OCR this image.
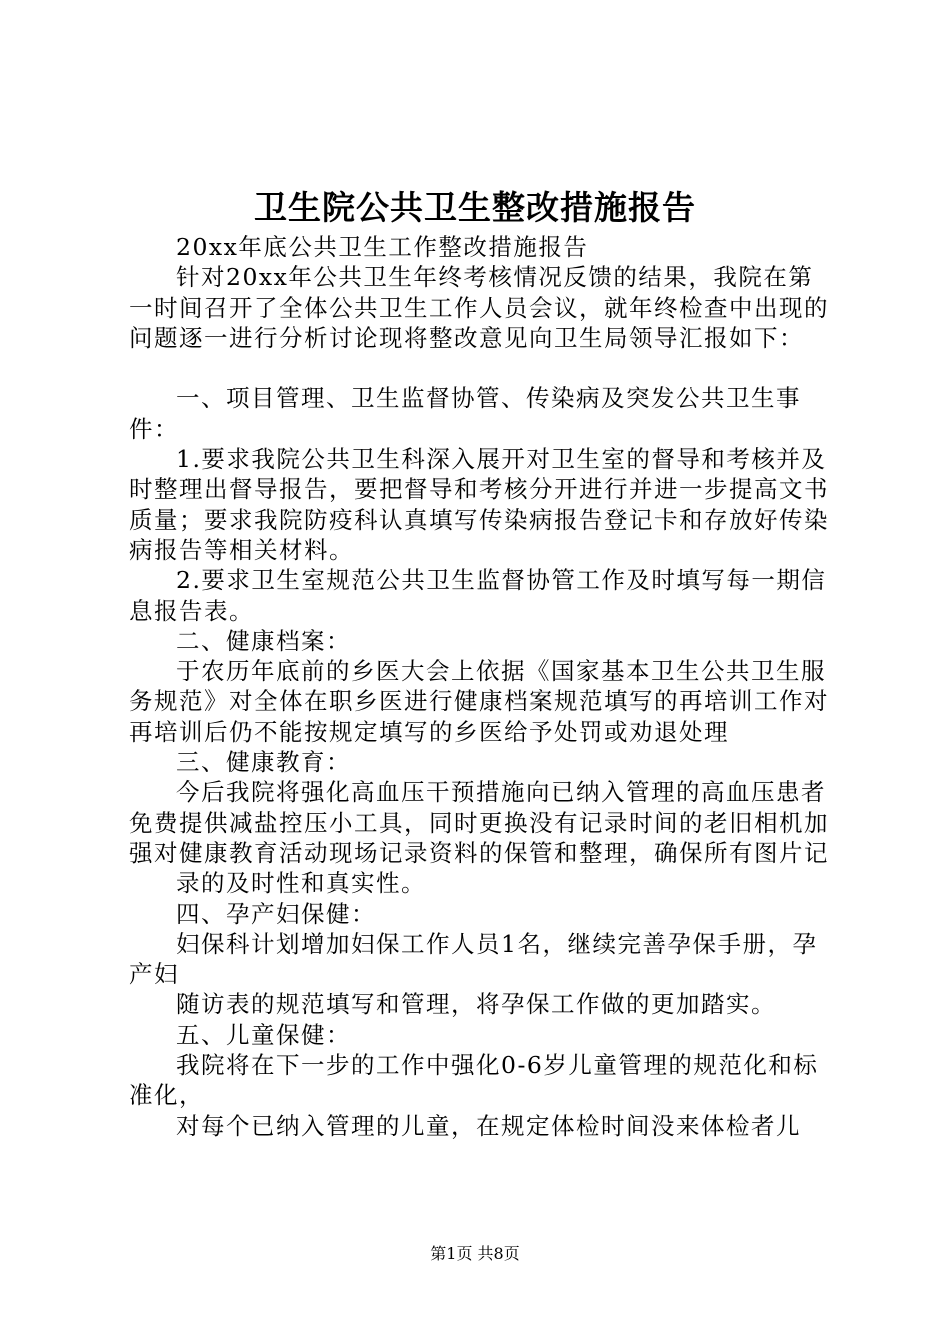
卫生院公共卫生整改措施报告

20xx年底公共卫生工作整改措施报告

针对20xx年公共卫生年终考核情况反馈的结果，我院在第一时间召开了全体公共卫生工作人员会议，就年终检查中出现的问题逐一进行分析讨论现将整改意见向卫生局领导汇报如下：

一、项目管理、卫生监督协管、传染病及突发公共卫生事件：

1.要求我院公共卫生科深入展开对卫生室的督导和考核并及时整理出督导报告，要把督导和考核分开进行并进一步提高文书质量；要求我院防疫科认真填写传染病报告登记卡和存放好传染病报告等相关材料。

2.要求卫生室规范公共卫生监督协管工作及时填写每一期信息报告表。

二、健康档案：

于农历年底前的乡医大会上依据《国家基本卫生公共卫生服务规范》对全体在职乡医进行健康档案规范填写的再培训工作对再培训后仍不能按规定填写的乡医给予处罚或劝退处理

三、健康教育：

今后我院将强化高血压干预措施向已纳入管理的高血压患者免费提供减盐控压小工具，同时更换没有记录时间的老旧相机加强对健康教育活动现场记录资料的保管和整理，确保所有图片记

录的及时性和真实性。

四、孕产妇保健：

妇保科计划增加妇保工作人员1名，继续完善孕保手册，孕产妇

随访表的规范填写和管理，将孕保工作做的更加踏实。

五、儿童保健：

我院将在下一步的工作中强化0-6岁儿童管理的规范化和标准化，

对每个已纳入管理的儿童，在规定体检时间没来体检者儿

第1页 共8页
